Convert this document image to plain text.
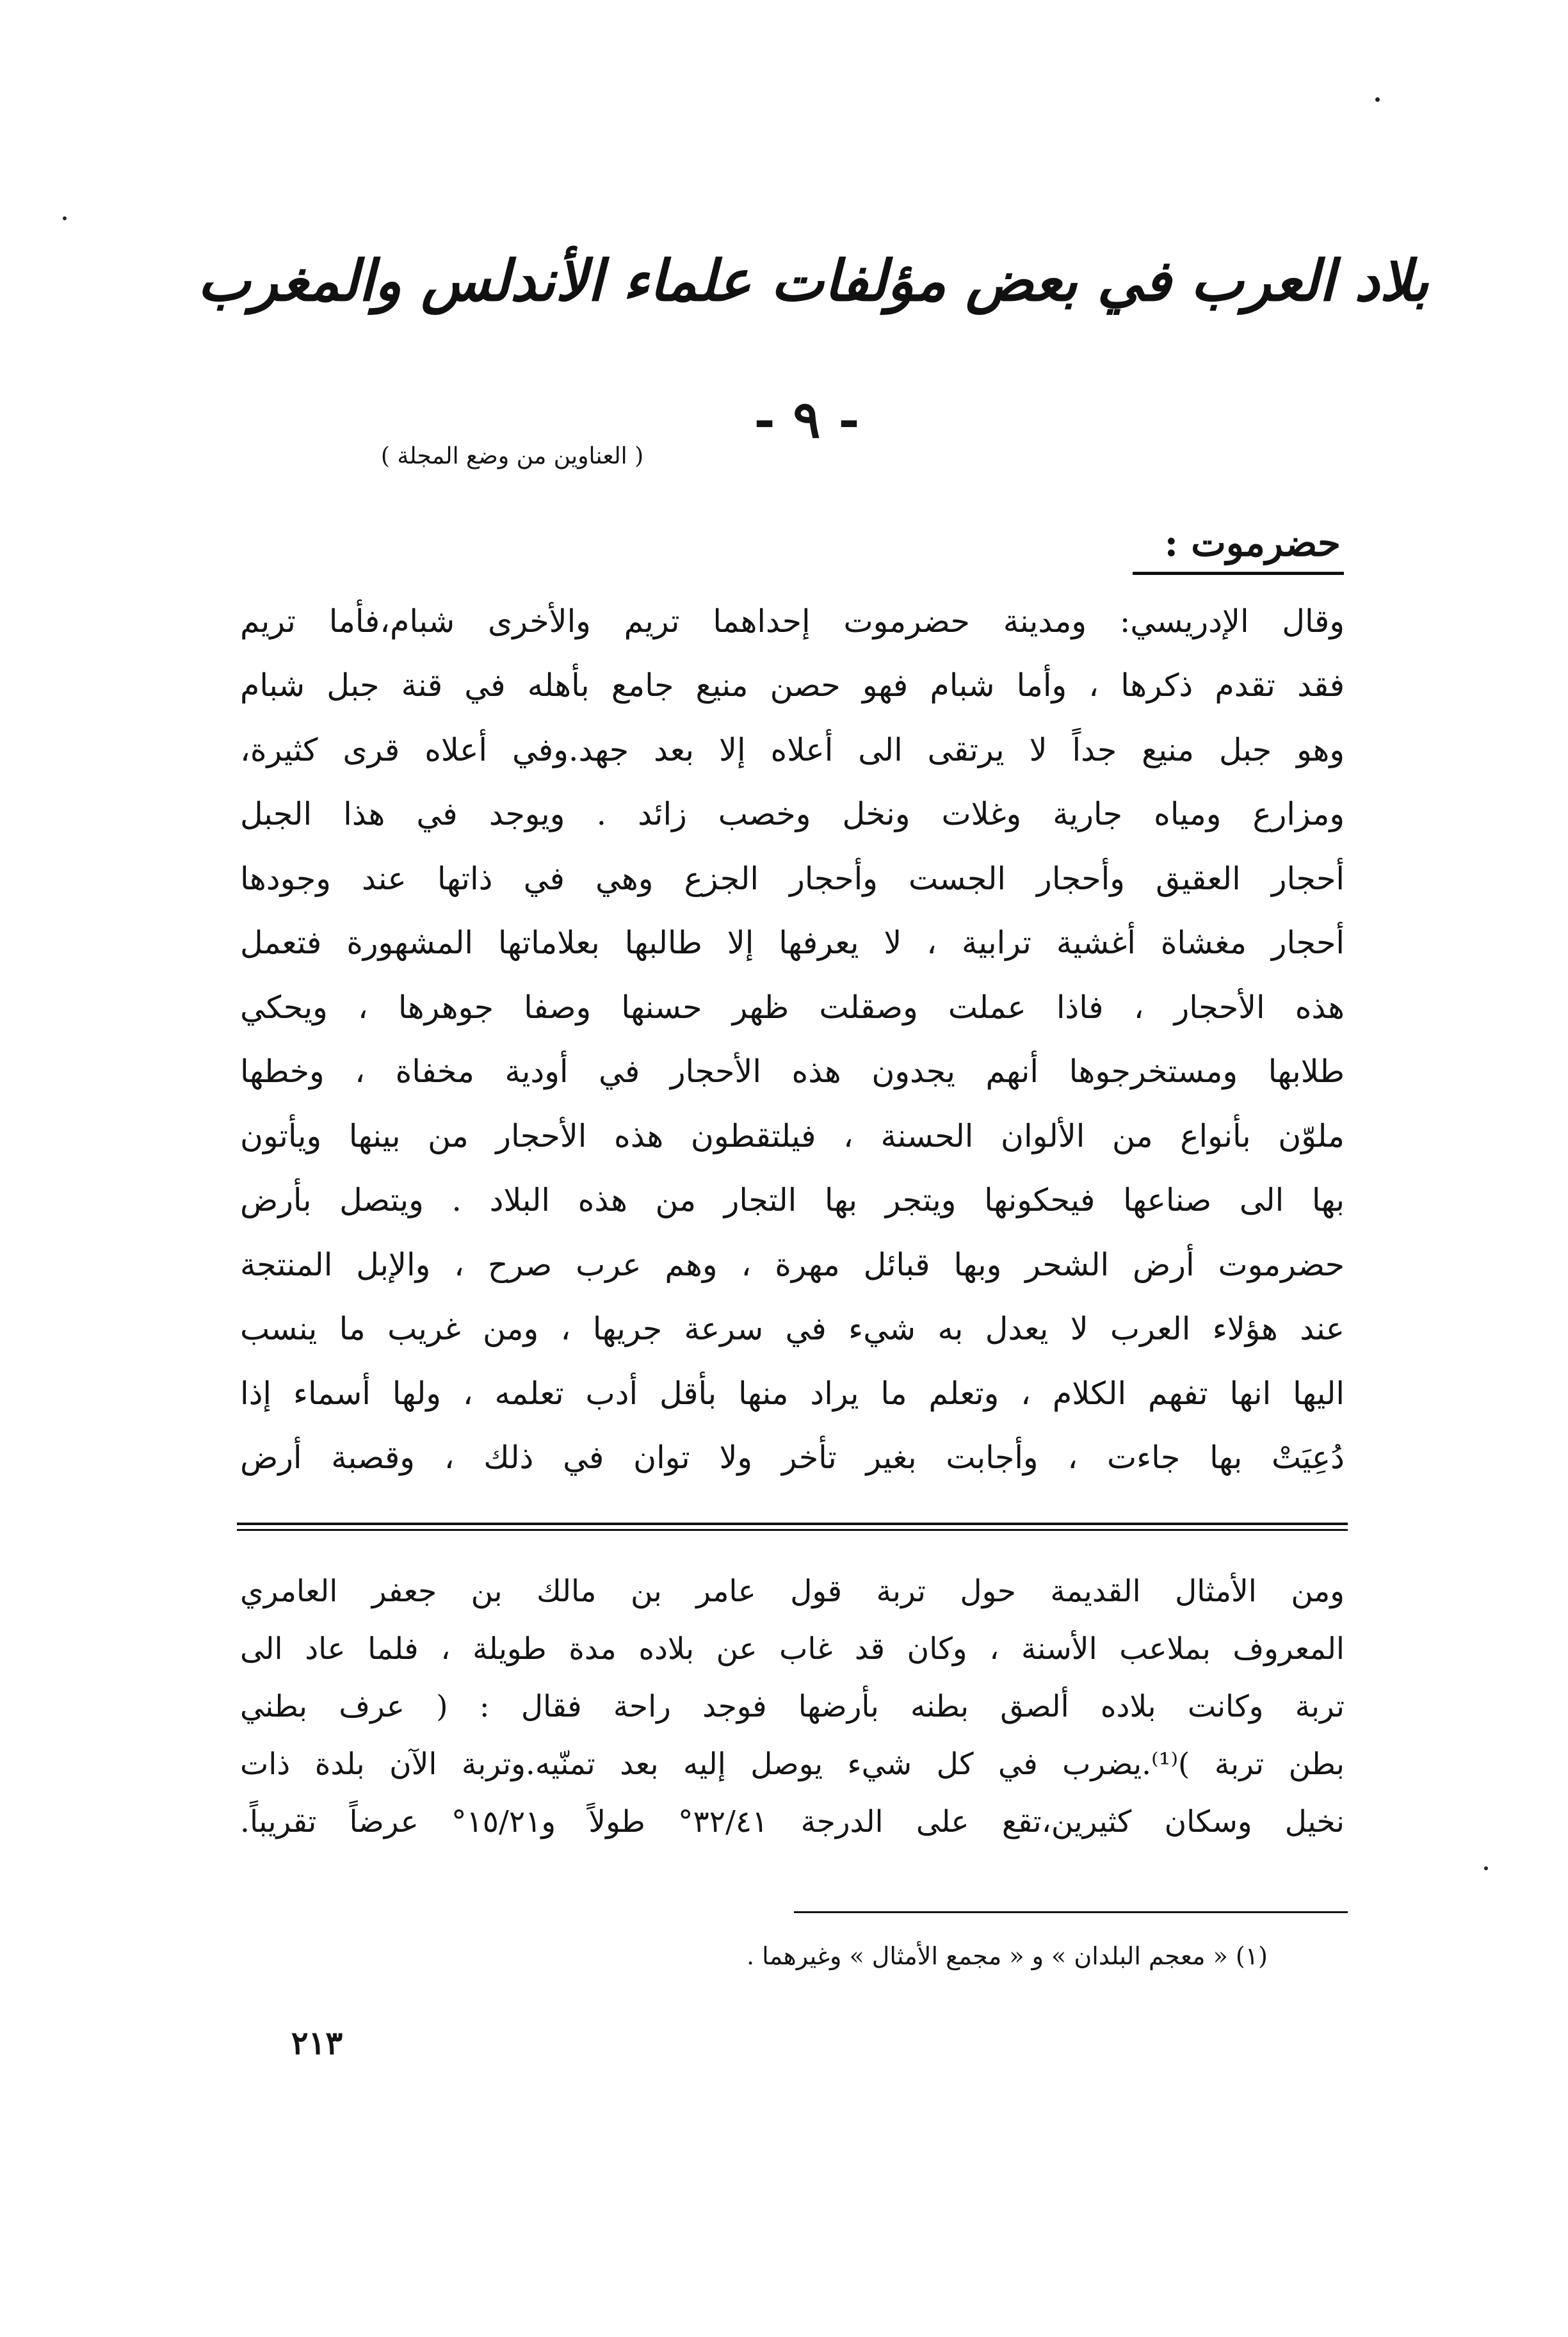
بلاد العرب في بعض مؤلفات علماء الأندلس والمغرب
- ٩ -
( العناوين من وضع المجلة )
حضرموت :
وقال الإدريسي: ومدينة حضرموت إحداهما تريم والأخرى شبام،فأما تريم
فقد تقدم ذكرها ، وأما شبام فهو حصن منيع جامع بأهله في قنة جبل شبام
وهو جبل منيع جداً لا يرتقى الى أعلاه إلا بعد جهد.وفي أعلاه قرى كثيرة،
ومزارع ومياه جارية وغلات ونخل وخصب زائد . ويوجد في هذا الجبل
أحجار العقيق وأحجار الجست وأحجار الجزع وهي في ذاتها عند وجودها
أحجار مغشاة أغشية ترابية ، لا يعرفها إلا طالبها بعلاماتها المشهورة فتعمل
هذه الأحجار ، فاذا عملت وصقلت ظهر حسنها وصفا جوهرها ، ويحكي
طلابها ومستخرجوها أنهم يجدون هذه الأحجار في أودية مخفاة ، وخطها
ملوّن بأنواع من الألوان الحسنة ، فيلتقطون هذه الأحجار من بينها ويأتون
بها الى صناعها فيحكونها ويتجر بها التجار من هذه البلاد . ويتصل بأرض
حضرموت أرض الشحر وبها قبائل مهرة ، وهم عرب صرح ، والإبل المنتجة
عند هؤلاء العرب لا يعدل به شيء في سرعة جريها ، ومن غريب ما ينسب
اليها انها تفهم الكلام ، وتعلم ما يراد منها بأقل أدب تعلمه ، ولها أسماء إذا
دُعِيَتْ بها جاءت ، وأجابت بغير تأخر ولا توان في ذلك ، وقصبة أرض
ومن الأمثال القديمة حول تربة قول عامر بن مالك بن جعفر العامري
المعروف بملاعب الأسنة ، وكان قد غاب عن بلاده مدة طويلة ، فلما عاد الى
تربة وكانت بلاده ألصق بطنه بأرضها فوجد راحة فقال : ( عرف بطني
بطن تربة )⁽¹⁾.يضرب في كل شيء يوصل إليه بعد تمنّيه.وتربة الآن بلدة ذات
نخيل وسكان كثيرين،تقع على الدرجة ٣٢/٤١° طولاً و١٥/٢١° عرضاً تقريباً.
(١) « معجم البلدان » و « مجمع الأمثال » وغيرهما .
٢١٣
